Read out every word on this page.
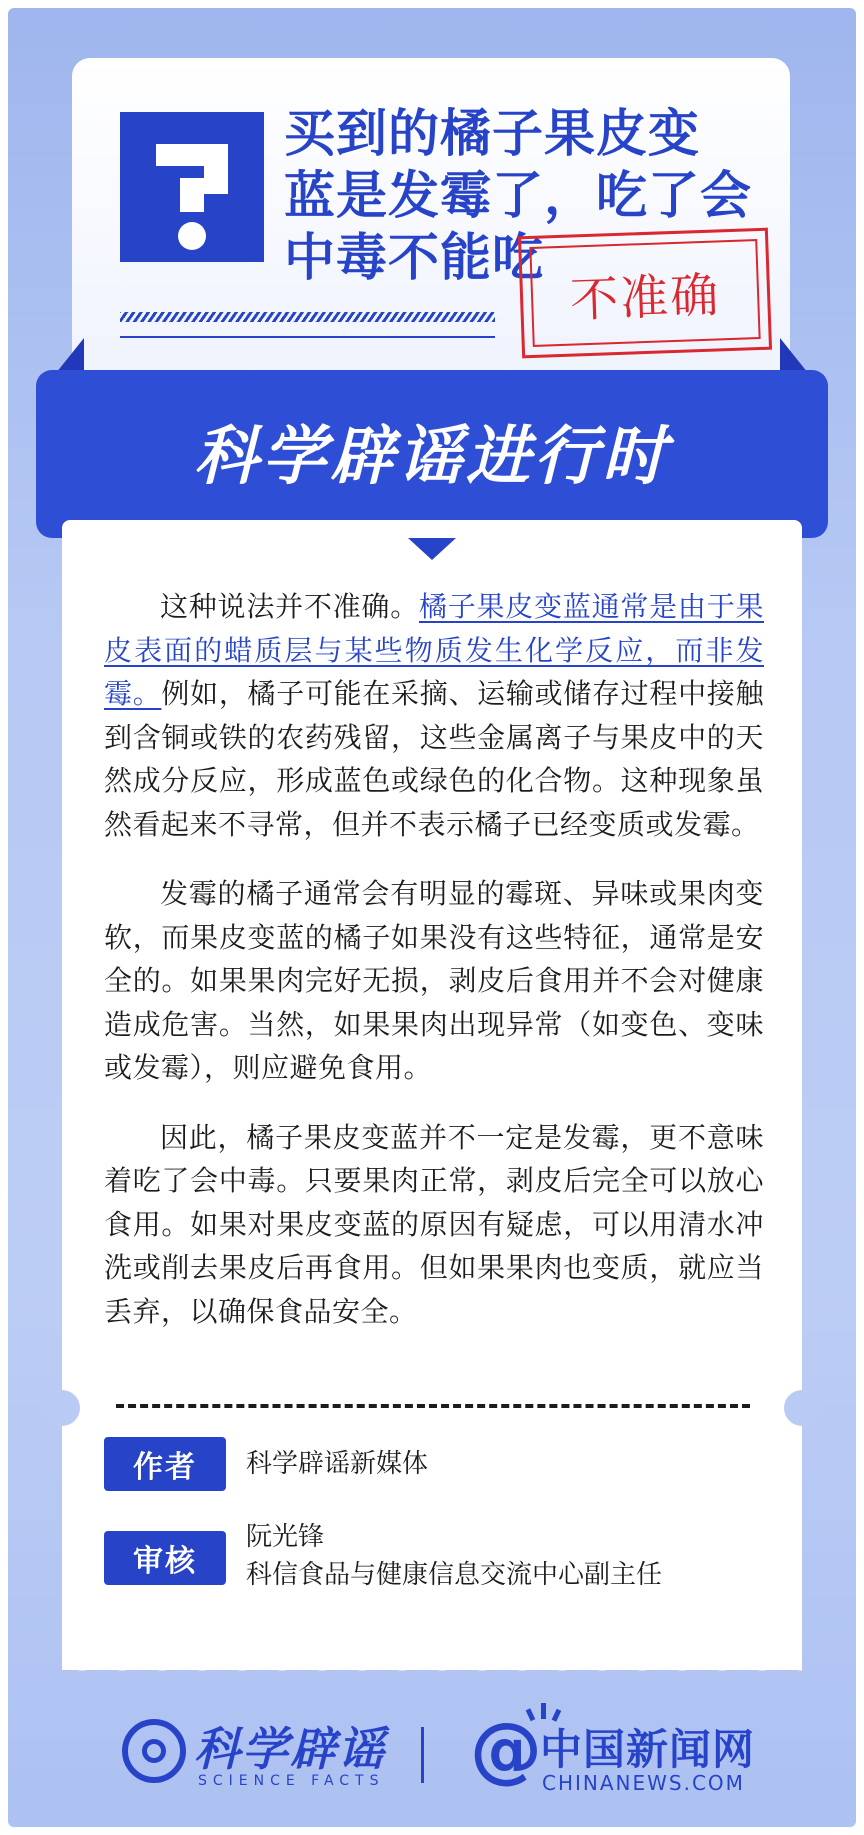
买到的橘子果皮变
蓝是发霉了，吃了会
中毒不能吃
不准确
科学辟谣进行时

这种说法并不准确。橘子果皮变蓝通常是由于果皮表面的蜡质层与某些物质发生化学反应，而非发霉。例如，橘子可能在采摘、运输或储存过程中接触到含铜或铁的农药残留，这些金属离子与果皮中的天然成分反应，形成蓝色或绿色的化合物。这种现象虽然看起来不寻常，但并不表示橘子已经变质或发霉。

发霉的橘子通常会有明显的霉斑、异味或果肉变软，而果皮变蓝的橘子如果没有这些特征，通常是安全的。如果果肉完好无损，剥皮后食用并不会对健康造成危害。当然，如果果肉出现异常（如变色、变味或发霉），则应避免食用。

因此，橘子果皮变蓝并不一定是发霉，更不意味着吃了会中毒。只要果肉正常，剥皮后完全可以放心食用。如果对果皮变蓝的原因有疑虑，可以用清水冲洗或削去果皮后再食用。但如果果肉也变质，就应当丢弃，以确保食品安全。

作者	科学辟谣新媒体
审核
阮光锋
科信食品与健康信息交流中心副主任
科学辟谣
SCIENCE FACTS @
中国新闻网
CHINANEWS.COM
